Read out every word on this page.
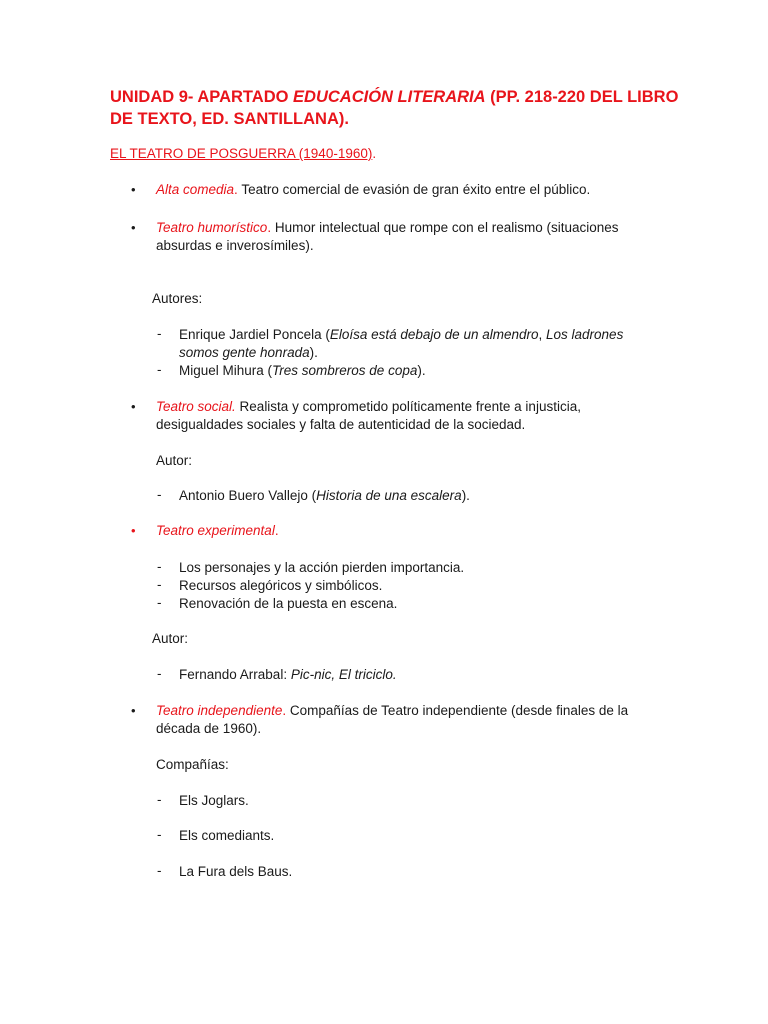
UNIDAD 9- APARTADO EDUCACIÓN LITERARIA (PP. 218-220 DEL LIBRO
DE TEXTO, ED. SANTILLANA).
EL TEATRO DE POSGUERRA (1940-1960).
• Alta comedia. Teatro comercial de evasión de gran éxito entre el público.
• Teatro humorístico. Humor intelectual que rompe con el realismo (situaciones
absurdas e inverosímiles).
Autores:
- Enrique Jardiel Poncela (Eloísa está debajo de un almendro, Los ladrones
somos gente honrada).
- Miguel Mihura (Tres sombreros de copa).
• Teatro social. Realista y comprometido políticamente frente a injusticia,
desigualdades sociales y falta de autenticidad de la sociedad.
Autor:
- Antonio Buero Vallejo (Historia de una escalera).
• Teatro experimental.
- Los personajes y la acción pierden importancia.
- Recursos alegóricos y simbólicos.
- Renovación de la puesta en escena.
Autor:
- Fernando Arrabal: Pic-nic, El triciclo.
• Teatro independiente. Compañías de Teatro independiente (desde finales de la
década de 1960).
Compañías:
- Els Joglars.
- Els comediants.
- La Fura dels Baus.
